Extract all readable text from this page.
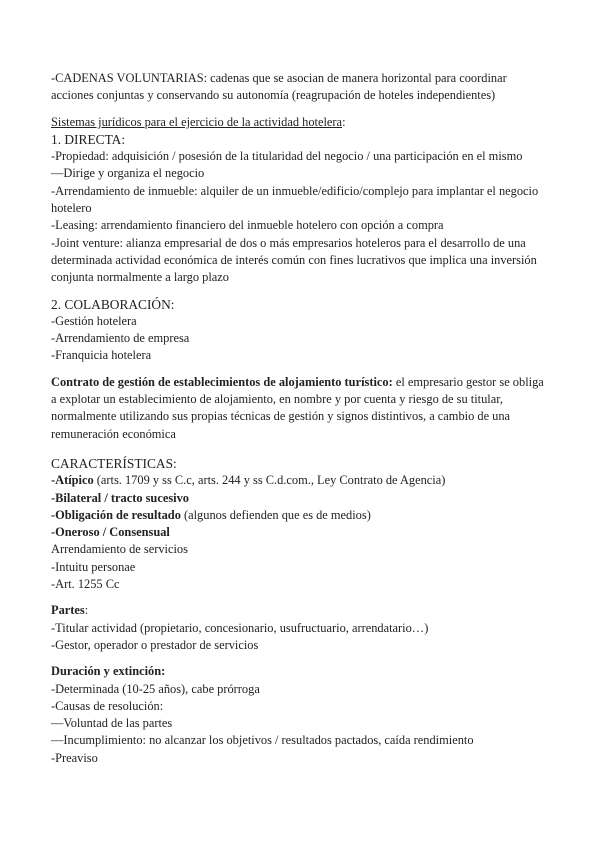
-CADENAS VOLUNTARIAS: cadenas que se asocian de manera horizontal para coordinar acciones conjuntas y conservando su autonomía (reagrupación de hoteles independientes)

Sistemas jurídicos para el ejercicio de la actividad hotelera:

1. DIRECTA:

-Propiedad: adquisición / posesión de la titularidad del negocio / una participación en el mismo

—Dirige y organiza el negocio

-Arrendamiento de inmueble: alquiler de un inmueble/edificio/complejo para implantar el negocio hotelero

-Leasing: arrendamiento financiero del inmueble hotelero con opción a compra

-Joint venture: alianza empresarial de dos o más empresarios hoteleros para el desarrollo de una determinada actividad económica de interés común con fines lucrativos que implica una inversión conjunta normalmente a largo plazo

2. COLABORACIÓN:

-Gestión hotelera

-Arrendamiento de empresa

-Franquicia hotelera

Contrato de gestión de establecimientos de alojamiento turístico: el empresario gestor se obliga a explotar un establecimiento de alojamiento, en nombre y por cuenta y riesgo de su titular, normalmente utilizando sus propias técnicas de gestión y signos distintivos, a cambio de una remuneración económica

CARACTERÍSTICAS:

-Atípico (arts. 1709 y ss C.c, arts. 244 y ss C.d.com., Ley Contrato de Agencia)

-Bilateral / tracto sucesivo

-Obligación de resultado (algunos defienden que es de medios)

-Oneroso / Consensual

Arrendamiento de servicios

-Intuitu personae

-Art. 1255 Cc

Partes:

-Titular actividad (propietario, concesionario, usufructuario, arrendatario…)

-Gestor, operador o prestador de servicios

Duración y extinción:

-Determinada (10-25 años), cabe prórroga

-Causas de resolución:

—Voluntad de las partes

—Incumplimiento: no alcanzar los objetivos / resultados pactados, caída rendimiento

-Preaviso
